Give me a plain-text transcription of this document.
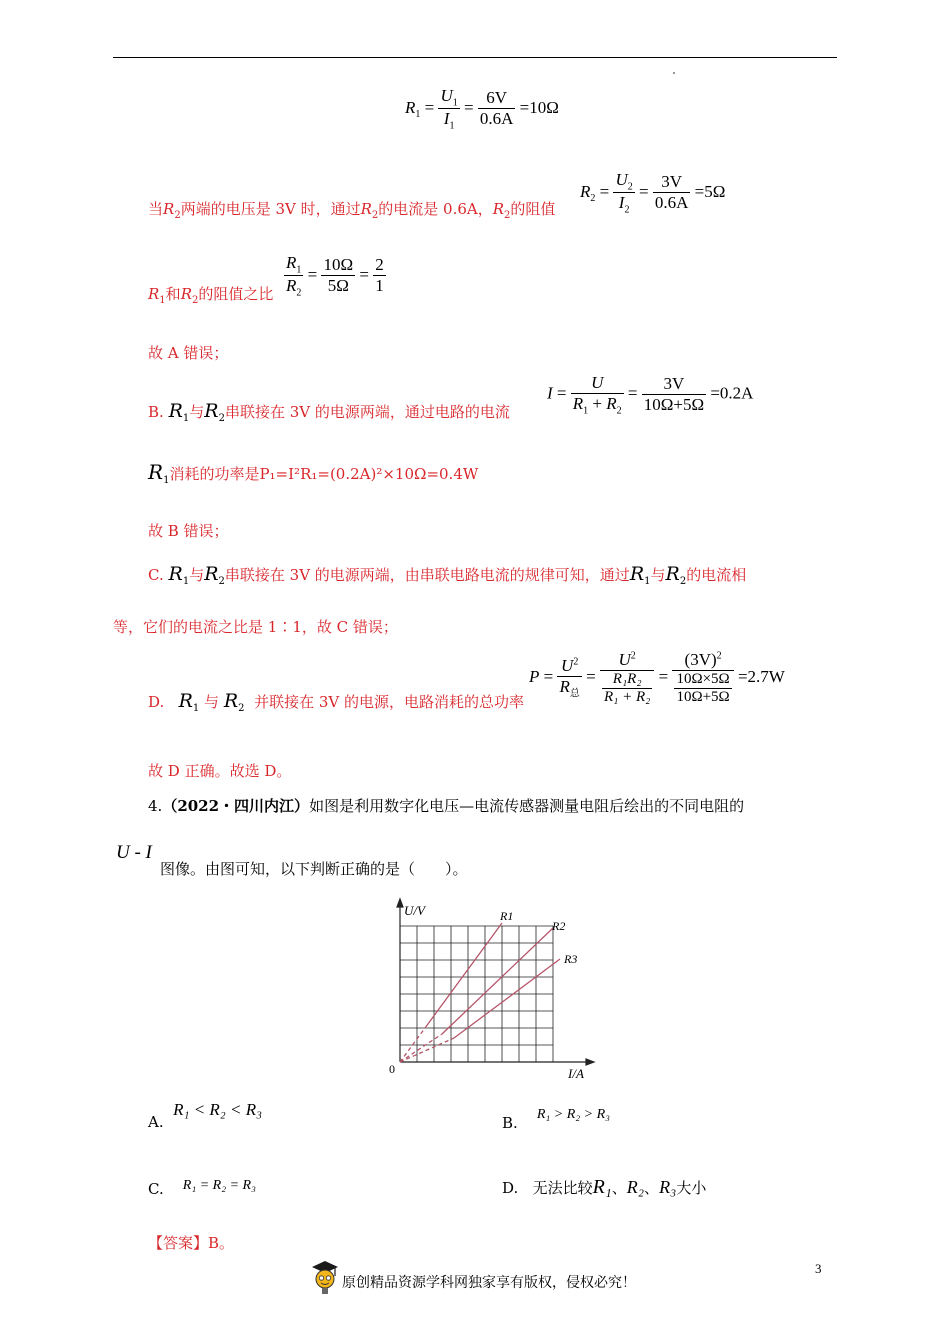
$R_1 = \frac{U_1}{I_1} = \frac{6V}{0.6A} =10\Omega$
当$R_2$两端的电压是 3V 时，通过$R_2$的电流是 0.6A，$R_2$的阻值
$R_2 = \frac{U_2}{I_2} = \frac{3V}{0.6A} =5\Omega$
$R_1$和$R_2$的阻值之比 $\frac{R_1}{R_2} = \frac{10\Omega}{5\Omega} = \frac{2}{1}$
故 A 错误；
B. $R_1$与$R_2$串联接在 3V 的电源两端，通过电路的电流
$I = \frac{U}{R_1 + R_2} = \frac{3V}{10\Omega+5\Omega} =0.2A$
$R_1$消耗的功率是P₁=I²R₁=(0.2A)²×10Ω=0.4W
故 B 错误；
C. $R_1$与$R_2$串联接在 3V 的电源两端，由串联电路电流的规律可知，通过$R_1$与$R_2$的电流相
等，它们的电流之比是 1∶1，故 C 错误；
D. $R_1$ 与 $R_2$ 并联接在 3V 的电源，电路消耗的总功率
$P = \frac{U^2}{R_总} = \frac{U^2}{\frac{\text{R₁R₂}}{\text{R₁ + R₂}}} = \frac{(3V)^2}{\frac{10\Omega\times 5\Omega}{10\Omega+5\Omega}} =2.7W$
故 D 正确。故选 D。
4.（2022・四川内江）如图是利用数字化电压—电流传感器测量电阻后绘出的不同电阻的
U - I
图像。由图可知，以下判断正确的是（　　）。
U/V
I/A
0
R1
R2
R3
A.  R₁ < R₂ < R₃
B. R₁ > R₂ > R₃
C. R₁ = R₂ = R₃	D. 无法比较R₁、R₂、R₃大小
【答案】B。
3
原创精品资源学科网独家享有版权，侵权必究！
